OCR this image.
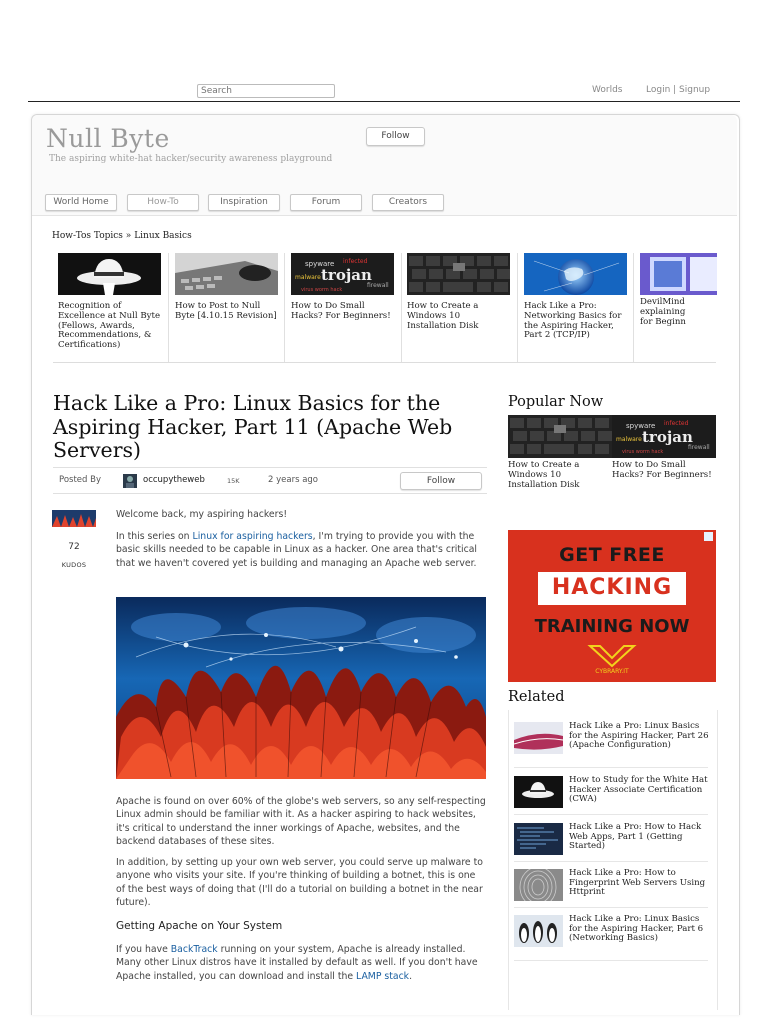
Search
Worlds	Login | Signup
Null Byte
The aspiring white-hat hacker/security awareness playground
Follow
World Home	How-To	Inspiration	Forum	Creators
How-Tos Topics » Linux Basics
Recognition of Excellence at Null Byte (Fellows, Awards, Recommendations, & Certifications)
How to Post to Null Byte [4.10.15 Revision]
spyware infected
trojan
malware
firewall
virus worm hack
How to Do Small Hacks? For Beginners!
How to Create a Windows 10 Installation Disk
Hack Like a Pro: Networking Basics for the Aspiring Hacker, Part 2 (TCP/IP)
DevilMind explaining for Beginn
Hack Like a Pro: Linux Basics for the Aspiring Hacker, Part 11 (Apache Web Servers)
Posted By	occupytheweb	15K	2 years ago	Follow
72
KUDOS
Welcome back, my aspiring hackers!
In this series on Linux for aspiring hackers, I'm trying to provide you with the basic skills needed to be capable in Linux as a hacker. One area that's critical that we haven't covered yet is building and managing an Apache web server.
Apache is found on over 60% of the globe's web servers, so any self-respecting Linux admin should be familiar with it. As a hacker aspiring to hack websites, it's critical to understand the inner workings of Apache, websites, and the backend databases of these sites.
In addition, by setting up your own web server, you could serve up malware to anyone who visits your site. If you're thinking of building a botnet, this is one of the best ways of doing that (I'll do a tutorial on building a botnet in the near future).
Getting Apache on Your System
If you have BackTrack running on your system, Apache is already installed. Many other Linux distros have it installed by default as well. If you don't have Apache installed, you can download and install the LAMP stack.
Popular Now
How to Create a Windows 10 Installation Disk
spyware infected
trojan
malware
firewall
virus worm hack
How to Do Small Hacks? For Beginners!
GET FREE
HACKING
TRAINING NOW
CYBRARY.IT
Related
Hack Like a Pro: Linux Basics for the Aspiring Hacker, Part 26 (Apache Configuration)
How to Study for the White Hat Hacker Associate Certification (CWA)
Hack Like a Pro: How to Hack Web Apps, Part 1 (Getting Started)
Hack Like a Pro: How to Fingerprint Web Servers Using Httprint
Hack Like a Pro: Linux Basics for the Aspiring Hacker, Part 6 (Networking Basics)
